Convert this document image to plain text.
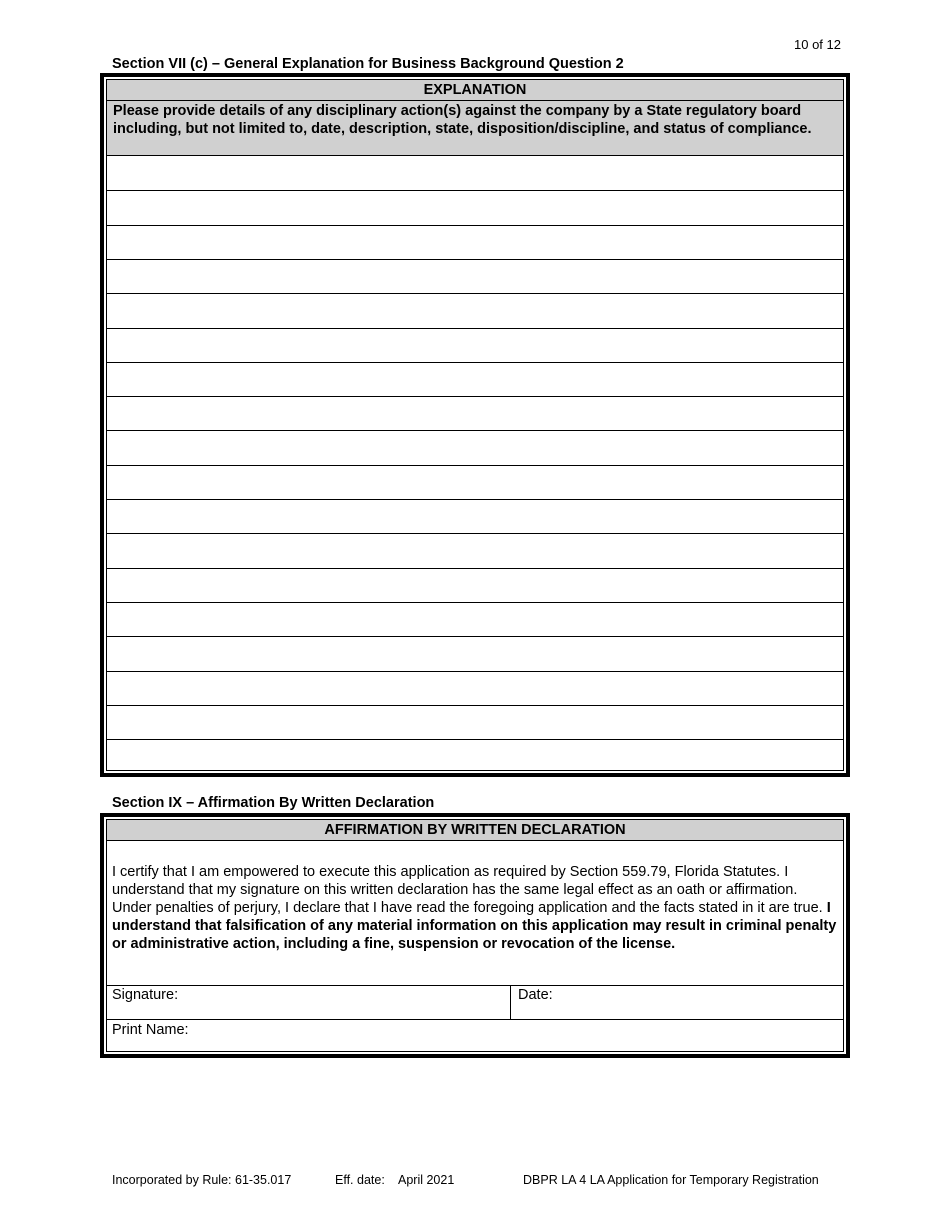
10 of 12
Section VII (c) – General Explanation for Business Background Question 2
EXPLANATION
Please provide details of any disciplinary action(s) against the company by a State regulatory board including, but not limited to, date, description, state, disposition/discipline, and status of compliance.
Section IX – Affirmation By Written Declaration
AFFIRMATION BY WRITTEN DECLARATION
I certify that I am empowered to execute this application as required by Section 559.79, Florida Statutes. I understand that my signature on this written declaration has the same legal effect as an oath or affirmation. Under penalties of perjury, I declare that I have read the foregoing application and the facts stated in it are true. I understand that falsification of any material information on this application may result in criminal penalty or administrative action, including a fine, suspension or revocation of the license.
Signature:	Date:
Print Name:
Incorporated by Rule: 61-35.017	Eff. date: April 2021	DBPR LA 4 LA Application for Temporary Registration
